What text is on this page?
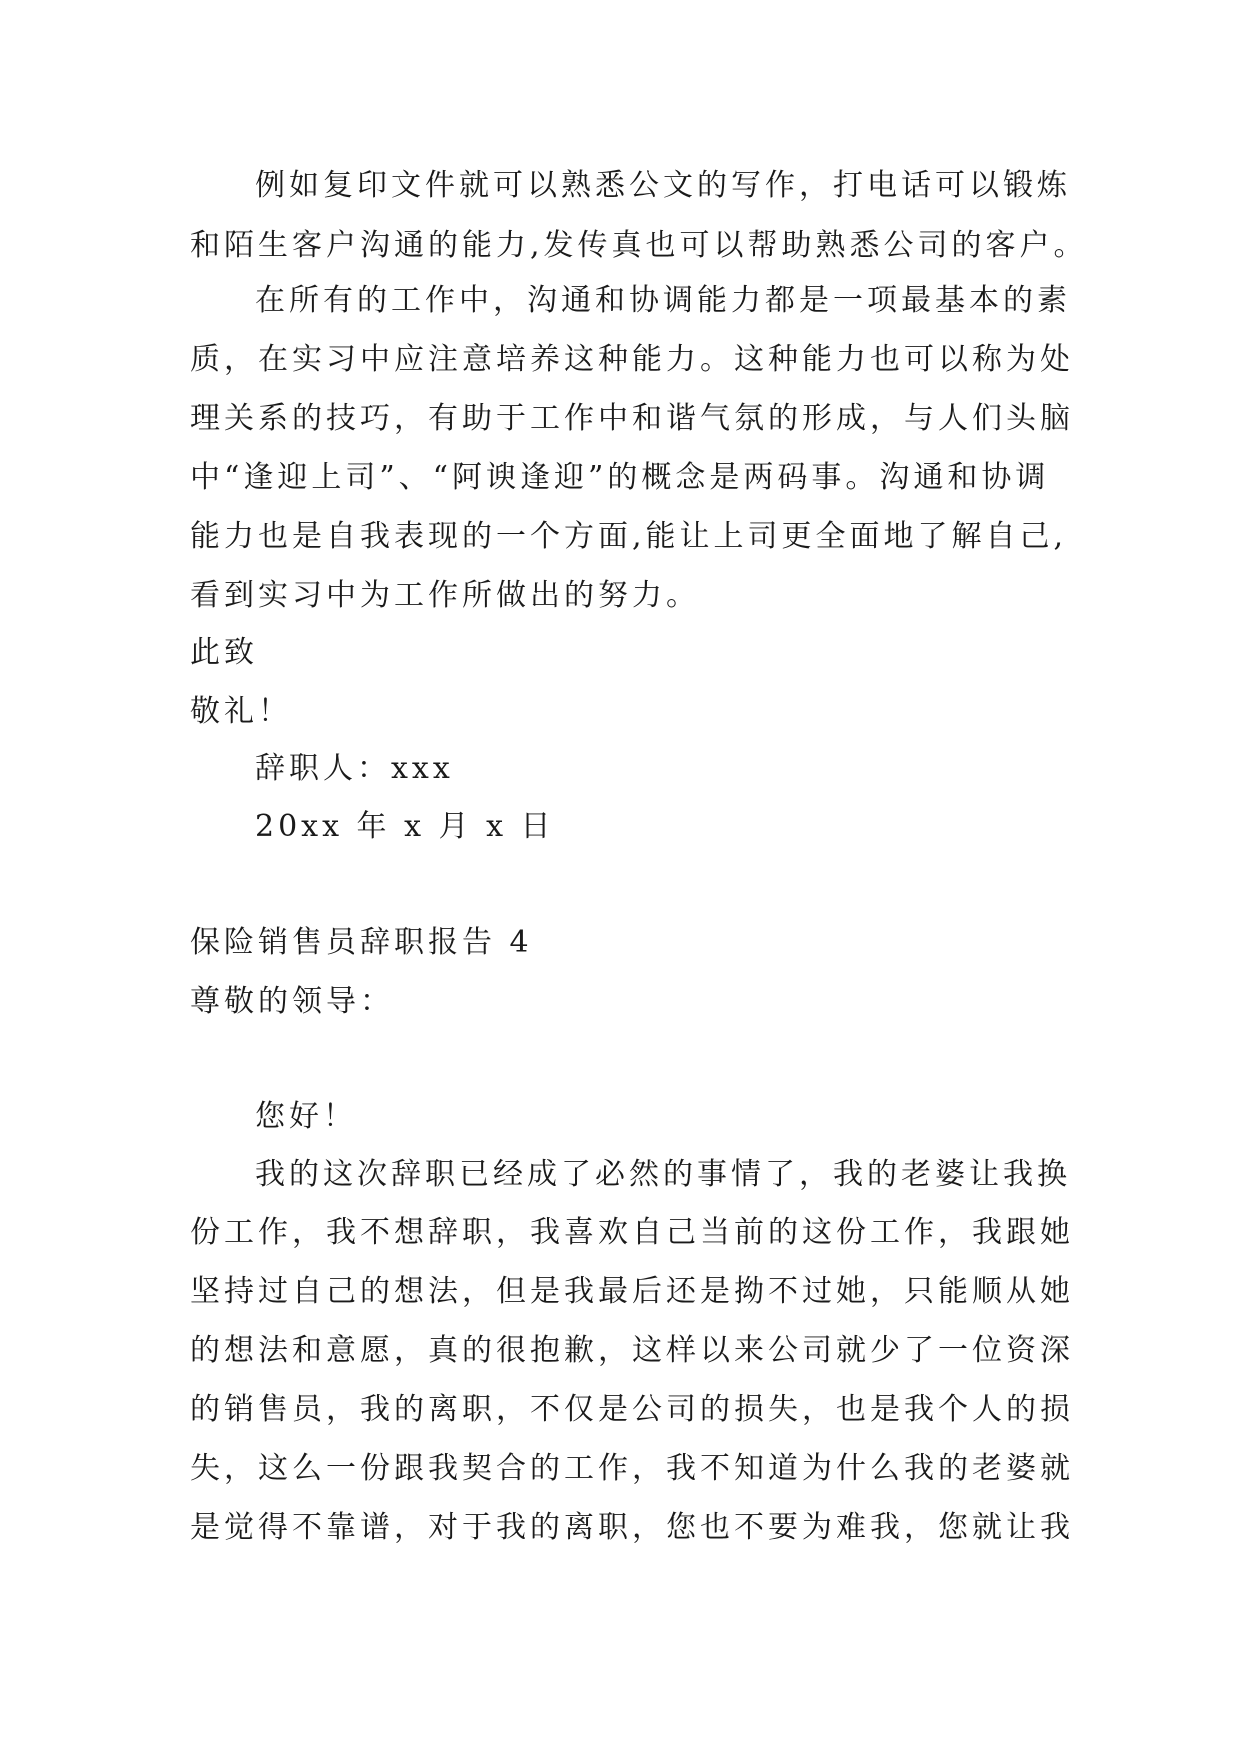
例如复印文件就可以熟悉公文的写作，打电话可以锻炼
和陌生客户沟通的能力,发传真也可以帮助熟悉公司的客户。
在所有的工作中，沟通和协调能力都是一项最基本的素
质，在实习中应注意培养这种能力。这种能力也可以称为处
理关系的技巧，有助于工作中和谐气氛的形成，与人们头脑
中“逢迎上司”、“阿谀逢迎”的概念是两码事。沟通和协调
能力也是自我表现的一个方面,能让上司更全面地了解自己,
看到实习中为工作所做出的努力。
此致
敬礼！
辞职人：xxx
20xx 年 x 月 x 日
保险销售员辞职报告 4
尊敬的领导：
您好！
我的这次辞职已经成了必然的事情了，我的老婆让我换
份工作，我不想辞职，我喜欢自己当前的这份工作，我跟她
坚持过自己的想法，但是我最后还是拗不过她，只能顺从她
的想法和意愿，真的很抱歉，这样以来公司就少了一位资深
的销售员，我的离职，不仅是公司的损失，也是我个人的损
失，这么一份跟我契合的工作，我不知道为什么我的老婆就
是觉得不靠谱，对于我的离职，您也不要为难我，您就让我
